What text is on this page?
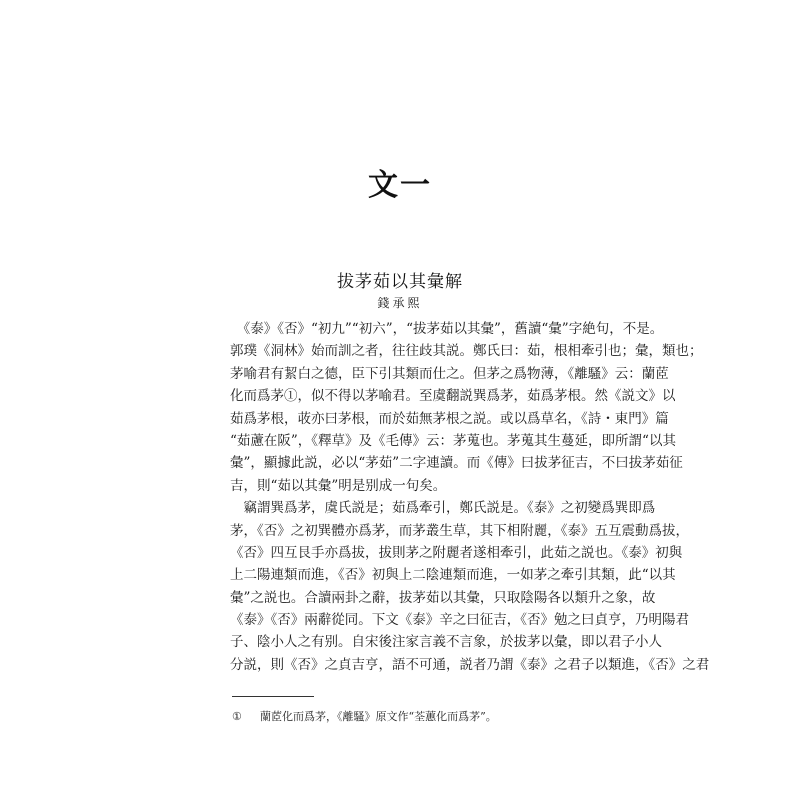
文一
拔茅茹以其彙解
錢承熙
　《泰》《否》“初九”“初六”，“拔茅茹以其彙”，舊讀“彙”字絶句，不是。
郭璞《洞林》始而訓之者，往往歧其説。鄭氏曰：茹，根相牽引也；彙，類也；
茅喻君有絜白之德，臣下引其類而仕之。但茅之爲物薄，《離騷》云：蘭茝
化而爲茅①，似不得以茅喻君。至虞翻説巽爲茅，茹爲茅根。然《説文》以
茹爲茅根，荍亦曰茅根，而於茹無茅根之説。或以爲草名，《詩・東門》篇
“茹藘在阪”，《釋草》及《毛傳》云：茅蒐也。茅蒐其生蔓延，即所謂“以其
彙”，顯據此説，必以“茅茹”二字連讀。而《傳》曰拔茅征吉，不曰拔茅茹征
吉，則“茹以其彙”明是别成一句矣。
　竊謂巽爲茅，虞氏説是；茹爲牽引，鄭氏説是。《泰》之初變爲巽即爲
茅，《否》之初巽體亦爲茅，而茅叢生草，其下相附麗，《泰》五互震動爲拔，
《否》四互艮手亦爲拔，拔則茅之附麗者遂相牽引，此茹之説也。《泰》初與
上二陽連類而進，《否》初與上二陰連類而進，一如茅之牽引其類，此“以其
彙”之説也。合讀兩卦之辭，拔茅茹以其彙，只取陰陽各以類升之象，故
《泰》《否》兩辭從同。下文《泰》辛之曰征吉，《否》勉之曰貞亨，乃明陽君
子、陰小人之有别。自宋後注家言義不言象，於拔茅以彙，即以君子小人
分説，則《否》之貞吉亨，語不可通，説者乃謂《泰》之君子以類進，《否》之君
① 蘭茝化而爲茅，《離騷》原文作“荃蕙化而爲茅”。
